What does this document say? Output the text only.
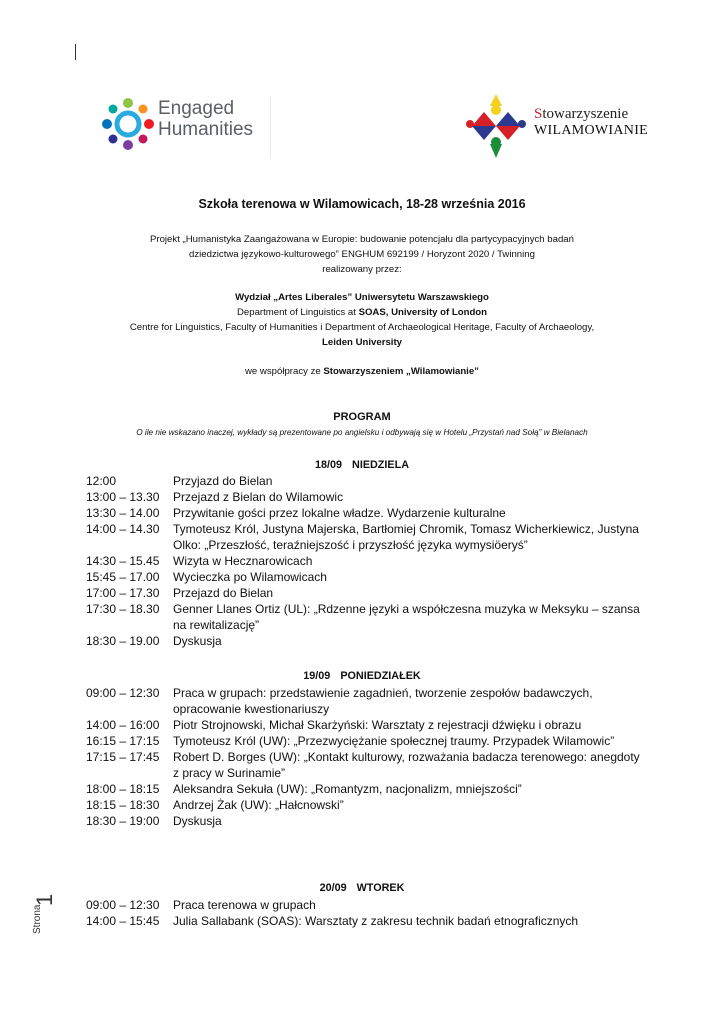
Engaged
Humanities
Stowarzyszenie
WILAMOWIANIE
Szkoła terenowa w Wilamowicach, 18-28 września 2016
Projekt „Humanistyka Zaangażowana w Europie: budowanie potencjału dla partycypacyjnych badań
dziedzictwa językowo-kulturowego” ENGHUM 692199 / Horyzont 2020 / Twinning
realizowany przez:
Wydział „Artes Liberales” Uniwersytetu Warszawskiego
Department of Linguistics at SOAS, University of London
Centre for Linguistics, Faculty of Humanities i Department of Archaeological Heritage, Faculty of Archaeology,
Leiden University
we współpracy ze Stowarzyszeniem „Wilamowianie”
PROGRAM
O ile nie wskazano inaczej, wykłady są prezentowane po angielsku i odbywają się w Hotelu „Przystań nad Sołą” w Bielanach
18/09 NIEDZIELA
12:00	Przyjazd do Bielan
13:00 – 13.30	Przejazd z Bielan do Wilamowic
13:30 – 14.00	Przywitanie gości przez lokalne władze. Wydarzenie kulturalne
14:00 – 14.30	Tymoteusz Król, Justyna Majerska, Bartłomiej Chromik, Tomasz Wicherkiewicz, Justyna Olko: „Przeszłość, teraźniejszość i przyszłość języka wymysiöeryś”
14:30 – 15.45	Wizyta w Hecznarowicach
15:45 – 17.00	Wycieczka po Wilamowicach
17:00 – 17.30	Przejazd do Bielan
17:30 – 18.30	Genner Llanes Ortiz (UL): „Rdzenne języki a współczesna muzyka w Meksyku – szansa na rewitalizację”
18:30 – 19.00	Dyskusja
19/09 PONIEDZIAŁEK
09:00 – 12:30	Praca w grupach: przedstawienie zagadnień, tworzenie zespołów badawczych, opracowanie kwestionariuszy
14:00 – 16:00	Piotr Strojnowski, Michał Skarżyński: Warsztaty z rejestracji dźwięku i obrazu
16:15 – 17:15	Tymoteusz Król (UW): „Przezwyciężanie społecznej traumy. Przypadek Wilamowic”
17:15 – 17:45	Robert D. Borges (UW): „Kontakt kulturowy, rozważania badacza terenowego: anegdoty z pracy w Surinamie”
18:00 – 18:15	Aleksandra Sekuła (UW): „Romantyzm, nacjonalizm, mniejszości”
18:15 – 18:30	Andrzej Żak (UW): „Hałcnowski”
18:30 – 19:00	Dyskusja
20/09 WTOREK
09:00 – 12:30	Praca terenowa w grupach
14:00 – 15:45	Julia Sallabank (SOAS): Warsztaty z zakresu technik badań etnograficznych
1
Strona
